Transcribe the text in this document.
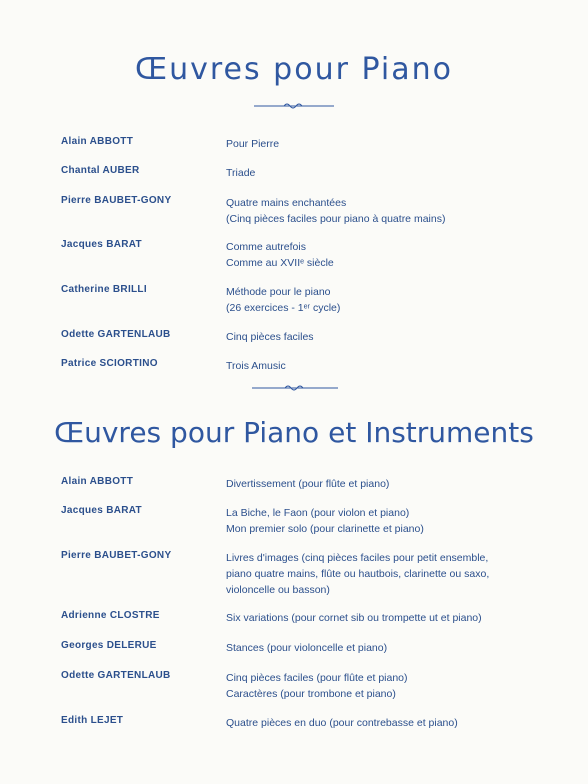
Œuvres pour Piano
Alain ABBOTT	Pour Pierre
Chantal AUBER	Triade
Pierre BAUBET-GONY	Quatre mains enchantées
(Cinq pièces faciles pour piano à quatre mains)
Jacques BARAT	Comme autrefois
Comme au XVIIᵉ siècle
Catherine BRILLI	Méthode pour le piano
(26 exercices - 1ᵉʳ cycle)
Odette GARTENLAUB	Cinq pièces faciles
Patrice SCIORTINO	Trois Amusic
Œuvres pour Piano et Instruments
Alain ABBOTT	Divertissement (pour flûte et piano)
Jacques BARAT	La Biche, le Faon (pour violon et piano)
Mon premier solo (pour clarinette et piano)
Pierre BAUBET-GONY	Livres d'images (cinq pièces faciles pour petit ensemble,
piano quatre mains, flûte ou hautbois, clarinette ou saxo,
violoncelle ou basson)
Adrienne CLOSTRE	Six variations (pour cornet sib ou trompette ut et piano)
Georges DELERUE	Stances (pour violoncelle et piano)
Odette GARTENLAUB	Cinq pièces faciles (pour flûte et piano)
Caractères (pour trombone et piano)
Edith LEJET	Quatre pièces en duo (pour contrebasse et piano)
